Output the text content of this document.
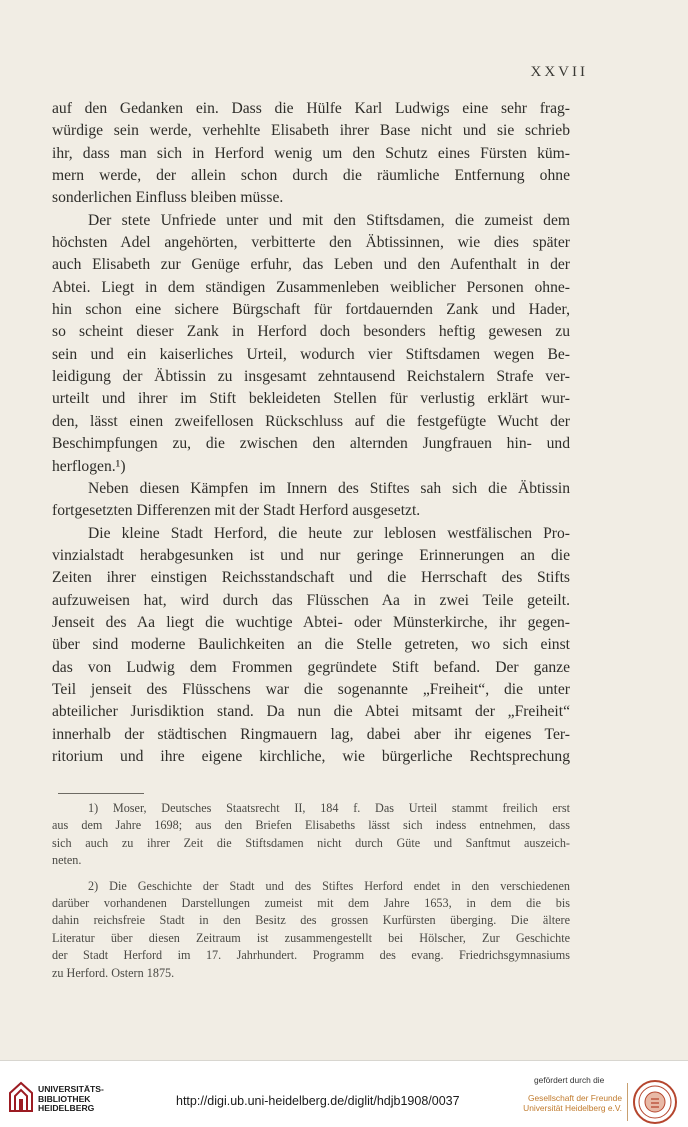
XXVII

auf den Gedanken ein. Dass die Hülfe Karl Ludwigs eine sehr frag-
würdige sein werde, verhehlte Elisabeth ihrer Base nicht und sie schrieb
ihr, dass man sich in Herford wenig um den Schutz eines Fürsten küm-
mern werde, der allein schon durch die räumliche Entfernung ohne
sonderlichen Einfluss bleiben müsse.

Der stete Unfriede unter und mit den Stiftsdamen, die zumeist dem
höchsten Adel angehörten, verbitterte den Äbtissinnen, wie dies später
auch Elisabeth zur Genüge erfuhr, das Leben und den Aufenthalt in der
Abtei. Liegt in dem ständigen Zusammenleben weiblicher Personen ohne-
hin schon eine sichere Bürgschaft für fortdauernden Zank und Hader,
so scheint dieser Zank in Herford doch besonders heftig gewesen zu
sein und ein kaiserliches Urteil, wodurch vier Stiftsdamen wegen Be-
leidigung der Äbtissin zu insgesamt zehntausend Reichstalern Strafe ver-
urteilt und ihrer im Stift bekleideten Stellen für verlustig erklärt wur-
den, lässt einen zweifellosen Rückschluss auf die festgefügte Wucht der
Beschimpfungen zu, die zwischen den alternden Jungfrauen hin- und
herflogen.¹)

Neben diesen Kämpfen im Innern des Stiftes sah sich die Äbtissin
fortgesetzten Differenzen mit der Stadt Herford ausgesetzt.

Die kleine Stadt Herford, die heute zur leblosen westfälischen Pro-
vinzialstadt herabgesunken ist und nur geringe Erinnerungen an die
Zeiten ihrer einstigen Reichsstandschaft und die Herrschaft des Stifts
aufzuweisen hat, wird durch das Flüsschen Aa in zwei Teile geteilt.
Jenseit des Aa liegt die wuchtige Abtei- oder Münsterkirche, ihr gegen-
über sind moderne Baulichkeiten an die Stelle getreten, wo sich einst
das von Ludwig dem Frommen gegründete Stift befand. Der ganze
Teil jenseit des Flüsschens war die sogenannte „Freiheit“, die unter
abteilicher Jurisdiktion stand. Da nun die Abtei mitsamt der „Freiheit“
innerhalb der städtischen Ringmauern lag, dabei aber ihr eigenes Ter-
ritorium und ihre eigene kirchliche, wie bürgerliche Rechtsprechung

1) Moser, Deutsches Staatsrecht II, 184 f. Das Urteil stammt freilich erst
aus dem Jahre 1698; aus den Briefen Elisabeths lässt sich indess entnehmen, dass
sich auch zu ihrer Zeit die Stiftsdamen nicht durch Güte und Sanftmut auszeich-
neten.
2) Die Geschichte der Stadt und des Stiftes Herford endet in den verschiedenen
darüber vorhandenen Darstellungen zumeist mit dem Jahre 1653, in dem die bis
dahin reichsfreie Stadt in den Besitz des grossen Kurfürsten überging. Die ältere
Literatur über diesen Zeitraum ist zusammengestellt bei Hölscher, Zur Geschichte
der Stadt Herford im 17. Jahrhundert. Programm des evang. Friedrichsgymnasiums
zu Herford. Ostern 1875.
UNIVERSITÄTS-
BIBLIOTHEK
HEIDELBERG
http://digi.ub.uni-heidelberg.de/diglit/hdjb1908/0037
gefördert durch die
Gesellschaft der Freunde
Universität Heidelberg e.V.
